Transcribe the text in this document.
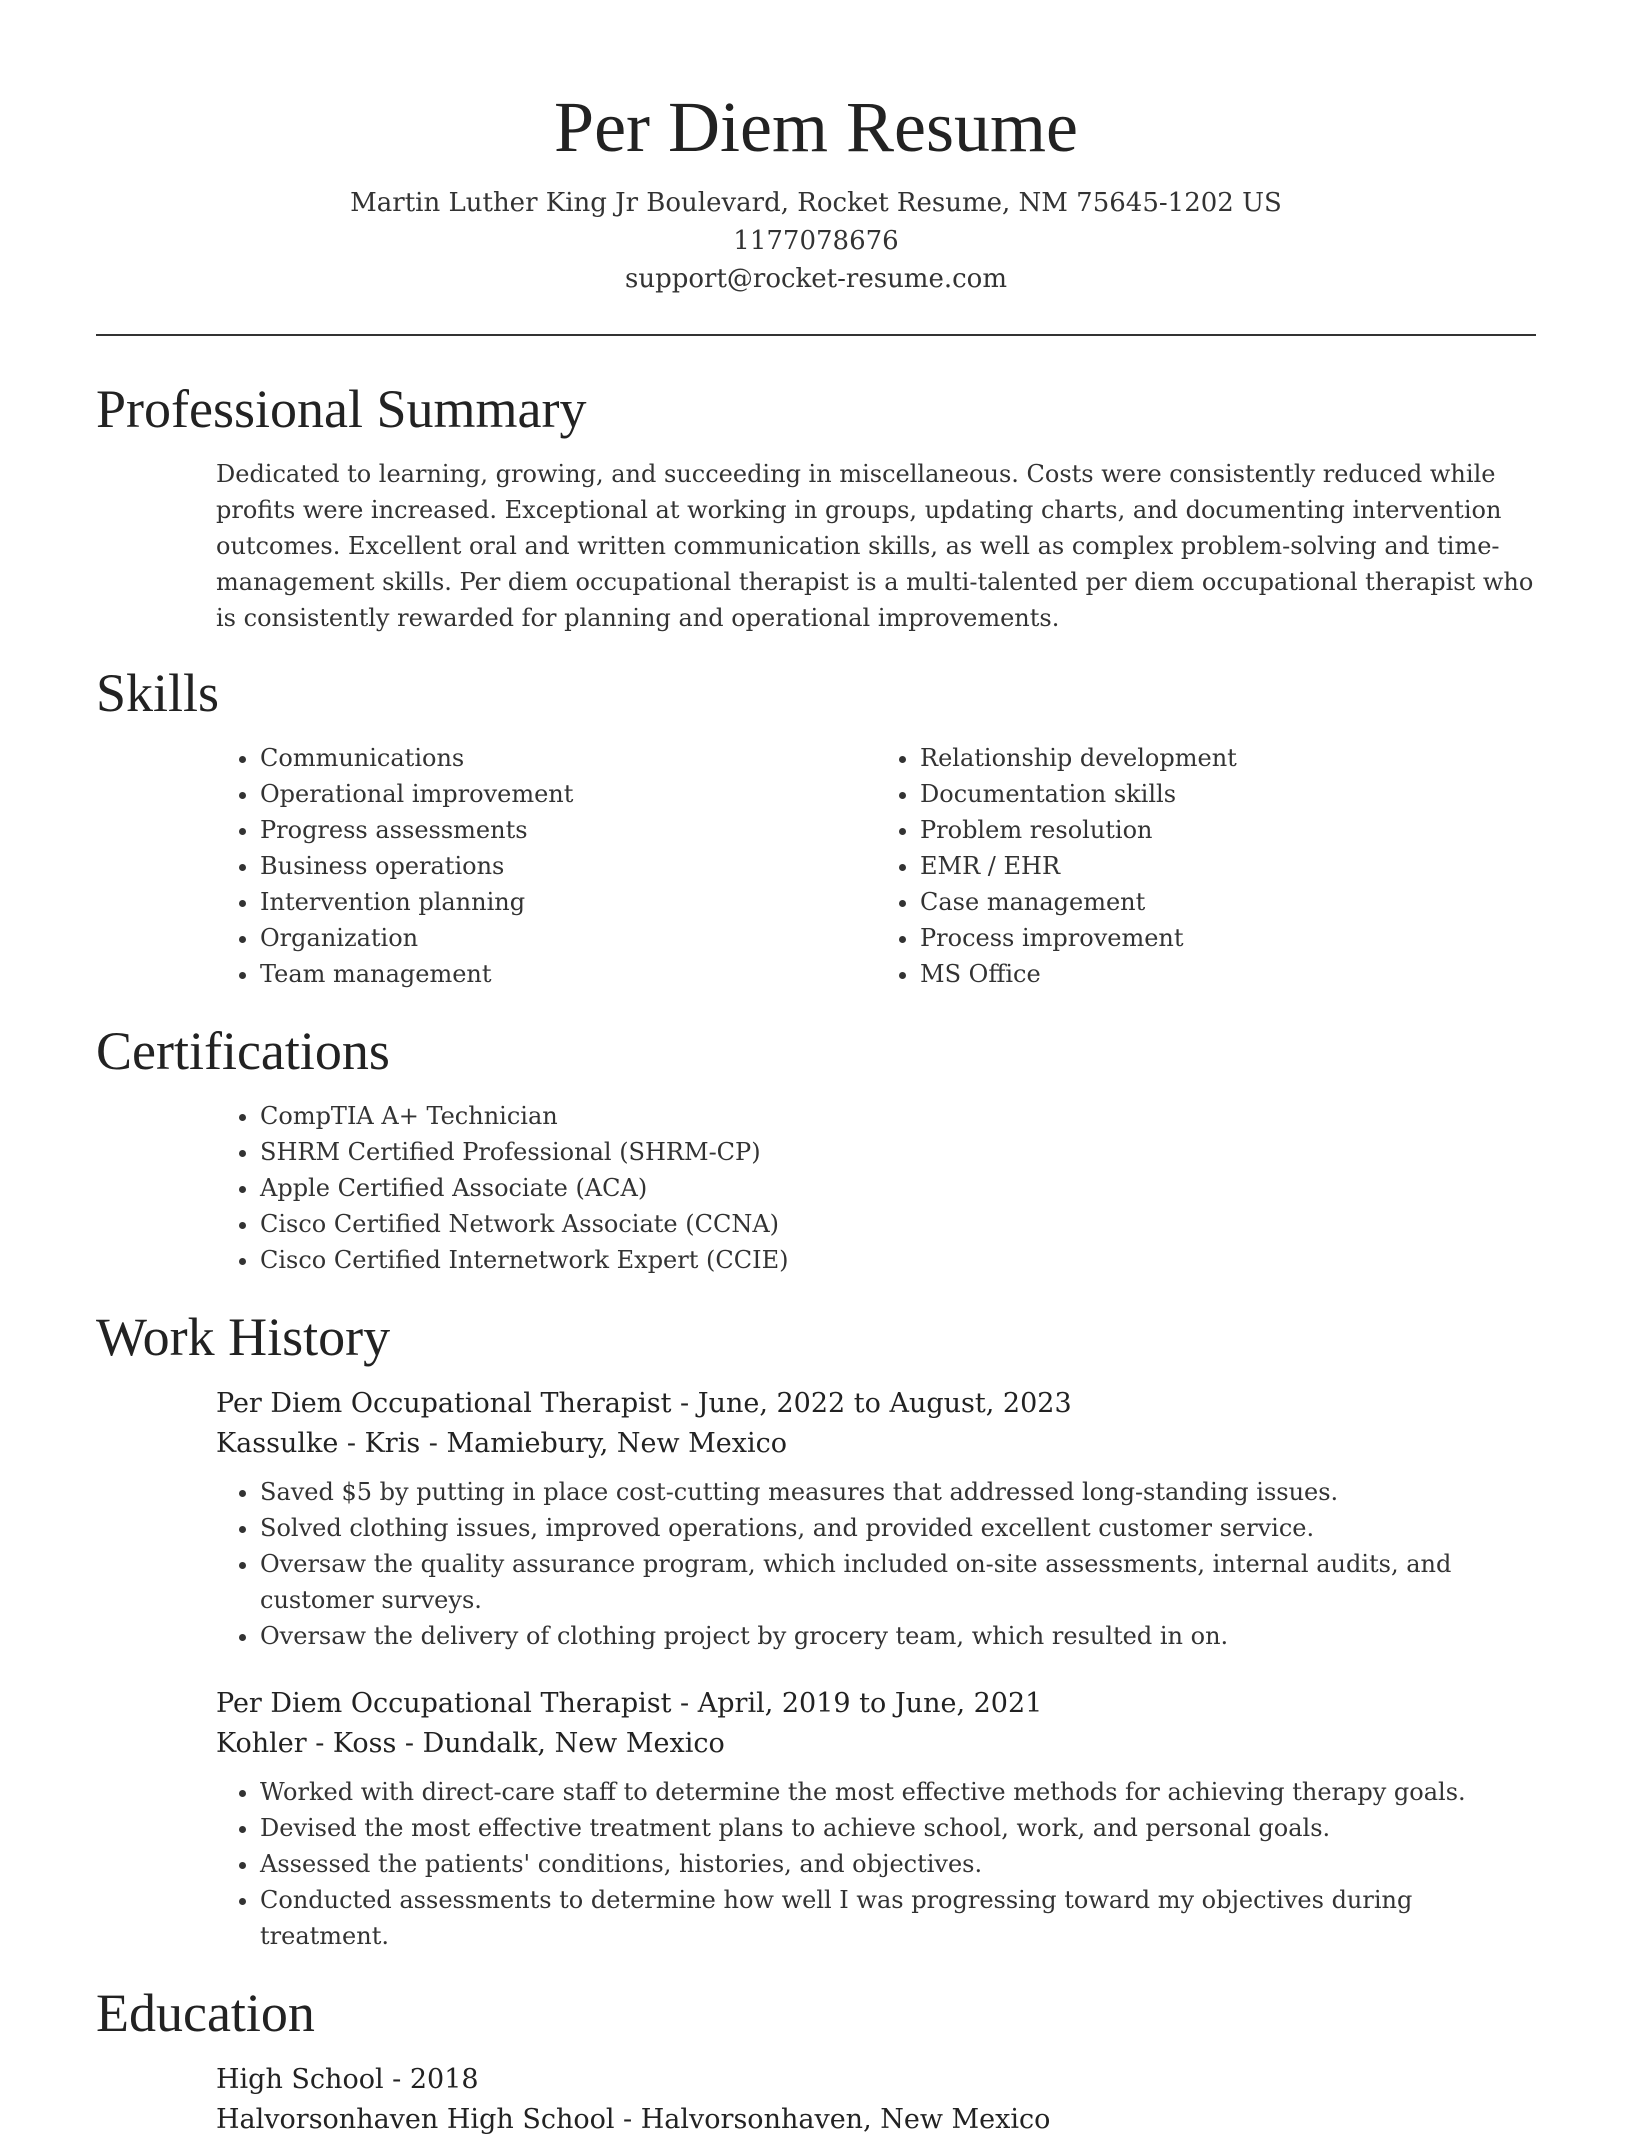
Per Diem Resume
Martin Luther King Jr Boulevard, Rocket Resume, NM 75645-1202 US
1177078676
support@rocket-resume.com
Professional Summary

Dedicated to learning, growing, and succeeding in miscellaneous. Costs were consistently reduced while profits were increased. Exceptional at working in groups, updating charts, and documenting intervention outcomes. Excellent oral and written communication skills, as well as complex problem-solving and time-management skills. Per diem occupational therapist is a multi-talented per diem occupational therapist who is consistently rewarded for planning and operational improvements.

Skills
• Communications
• Operational improvement
• Progress assessments
• Business operations
• Intervention planning
• Organization
• Team management
• Relationship development
• Documentation skills
• Problem resolution
• EMR / EHR
• Case management
• Process improvement
• MS Office
Certifications
• CompTIA A+ Technician
• SHRM Certified Professional (SHRM-CP)
• Apple Certified Associate (ACA)
• Cisco Certified Network Associate (CCNA)
• Cisco Certified Internetwork Expert (CCIE)
Work History
Per Diem Occupational Therapist - June, 2022 to August, 2023
Kassulke - Kris - Mamiebury, New Mexico
• Saved $5 by putting in place cost-cutting measures that addressed long-standing issues.
• Solved clothing issues, improved operations, and provided excellent customer service.
• Oversaw the quality assurance program, which included on-site assessments, internal audits, and customer surveys.
• Oversaw the delivery of clothing project by grocery team, which resulted in on.
Per Diem Occupational Therapist - April, 2019 to June, 2021
Kohler - Koss - Dundalk, New Mexico
• Worked with direct-care staff to determine the most effective methods for achieving therapy goals.
• Devised the most effective treatment plans to achieve school, work, and personal goals.
• Assessed the patients' conditions, histories, and objectives.
• Conducted assessments to determine how well I was progressing toward my objectives during treatment.
Education
High School - 2018
Halvorsonhaven High School - Halvorsonhaven, New Mexico
